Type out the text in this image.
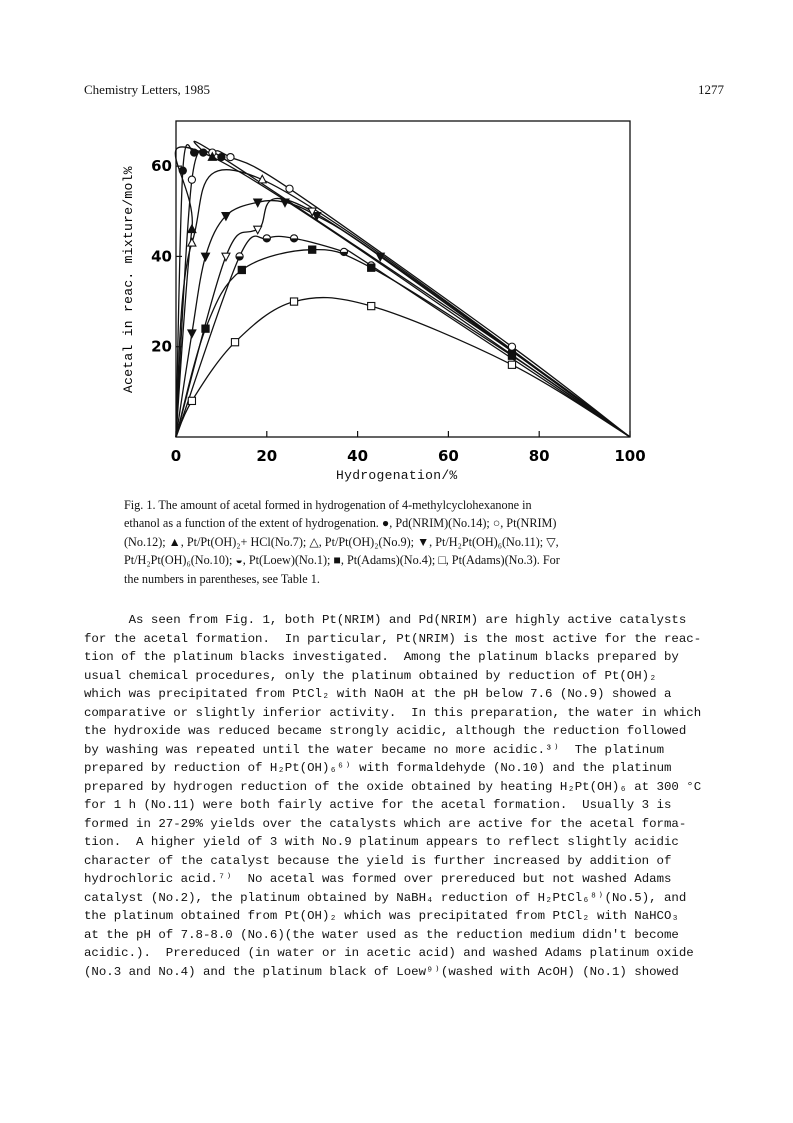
Chemistry Letters, 1985	1277
0	20	40	60	80	100
20
40
60
Acetal in reac. mixture/mol%
Hydrogenation/%

Fig. 1. The amount of acetal formed in hydrogenation of 4-methylcyclohexanone in

ethanol as a function of the extent of hydrogenation. ●, Pd(NRIM)(No.14); ○, Pt(NRIM)

(No.12); ▲, Pt/Pt(OH)₂+ HCl(No.7); △, Pt/Pt(OH)₂(No.9); ▼, Pt/H₂Pt(OH)₆(No.11); ▽,

Pt/H₂Pt(OH)₆(No.10); ◒, Pt(Loew)(No.1); ■, Pt(Adams)(No.4); □, Pt(Adams)(No.3). For

the numbers in parentheses, see Table 1.

As seen from Fig. 1, both Pt(NRIM) and Pd(NRIM) are highly active catalysts
for the acetal formation.  In particular, Pt(NRIM) is the most active for the reac-
tion of the platinum blacks investigated.  Among the platinum blacks prepared by
usual chemical procedures, only the platinum obtained by reduction of Pt(OH)₂
which was precipitated from PtCl₂ with NaOH at the pH below 7.6 (No.9) showed a
comparative or slightly inferior activity.  In this preparation, the water in which
the hydroxide was reduced became strongly acidic, although the reduction followed
by washing was repeated until the water became no more acidic.³⁾  The platinum
prepared by reduction of H₂Pt(OH)₆⁶⁾ with formaldehyde (No.10) and the platinum
prepared by hydrogen reduction of the oxide obtained by heating H₂Pt(OH)₆ at 300 °C
for 1 h (No.11) were both fairly active for the acetal formation.  Usually 3 is
formed in 27-29% yields over the catalysts which are active for the acetal forma-
tion.  A higher yield of 3 with No.9 platinum appears to reflect slightly acidic
character of the catalyst because the yield is further increased by addition of
hydrochloric acid.⁷⁾  No acetal was formed over prereduced but not washed Adams
catalyst (No.2), the platinum obtained by NaBH₄ reduction of H₂PtCl₆⁸⁾(No.5), and
the platinum obtained from Pt(OH)₂ which was precipitated from PtCl₂ with NaHCO₃
at the pH of 7.8-8.0 (No.6)(the water used as the reduction medium didn't become
acidic.).  Prereduced (in water or in acetic acid) and washed Adams platinum oxide
(No.3 and No.4) and the platinum black of Loew⁹⁾(washed with AcOH) (No.1) showed
